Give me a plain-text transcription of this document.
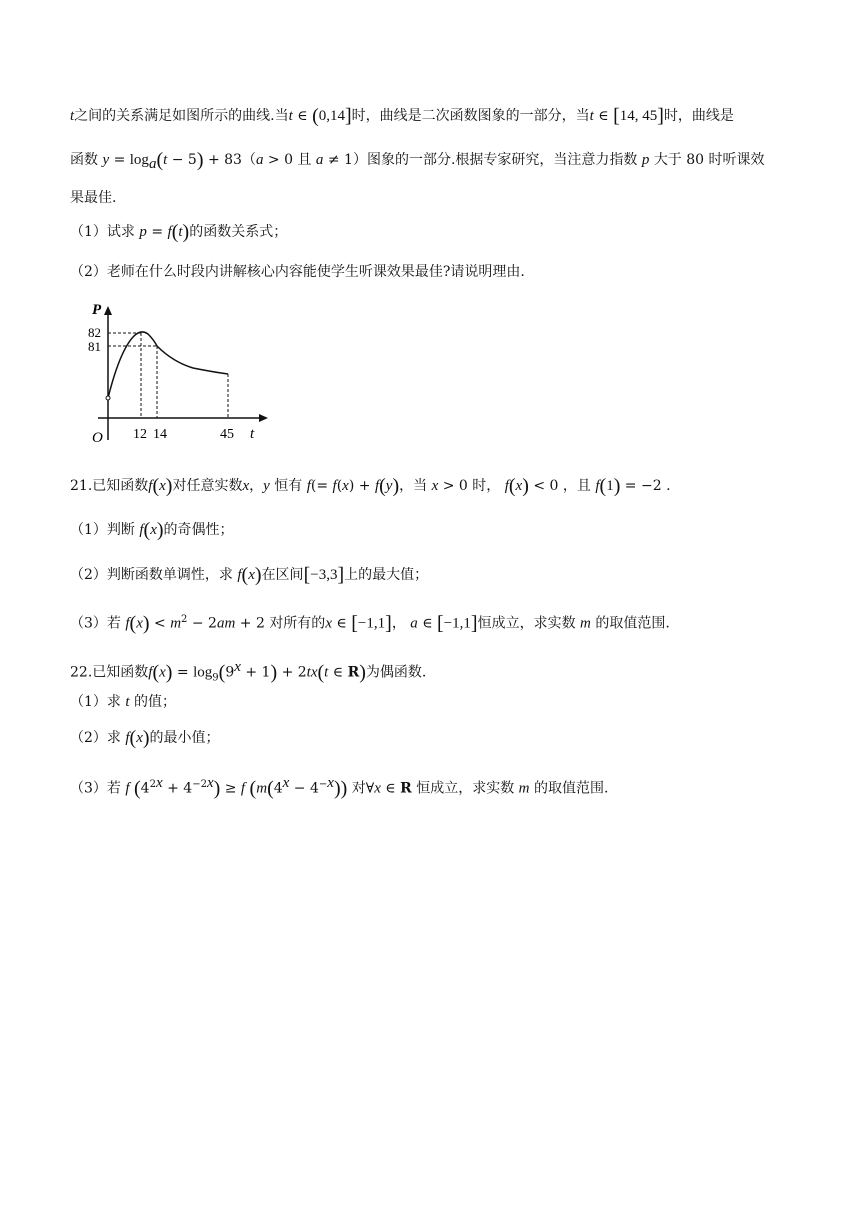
t之间的关系满足如图所示的曲线.当t ∈ (0,14]时，曲线是二次函数图象的一部分，当t ∈ [14, 45]时，曲线是
函数 $y = \log_a(t - 5) + 83(a > 0$ 且 a ≠ 1）图象的一部分.根据专家研究，当注意力指数 p 大于 80 时听课效
果最佳.
（1）试求 p = f(t)的函数关系式；
（2）老师在什么时段内讲解核心内容能使学生听课效果最佳?请说明理由.
P
t
O
82
81
12 14	45
21.已知函数f(x)对任意实数x，y 恒有 f(= f(x) + f(y)，当 x > 0 时， f(x) < 0 ，且 f(1) = −2 .
（1）判断 f(x)的奇偶性；
（2）判断函数单调性，求 f(x)在区间[−3,3]上的最大值；
（3）若 $f(x) < m^2 - 2am + 2$ 对所有的x ∈ [−1,1]， a ∈ [−1,1]恒成立，求实数 m 的取值范围.
22.已知函数$f(x) = \log_9(9^x + 1) + 2tx(t$ ∈ R)为偶函数.
（1）求 t 的值；
（2）求 f(x)的最小值；
（3）若 f $(4^{2x} + 4^{-2x}) \ge f$ $(m(4^x - 4^{-x}))$ 对∀x ∈ R 恒成立，求实数 m 的取值范围.
